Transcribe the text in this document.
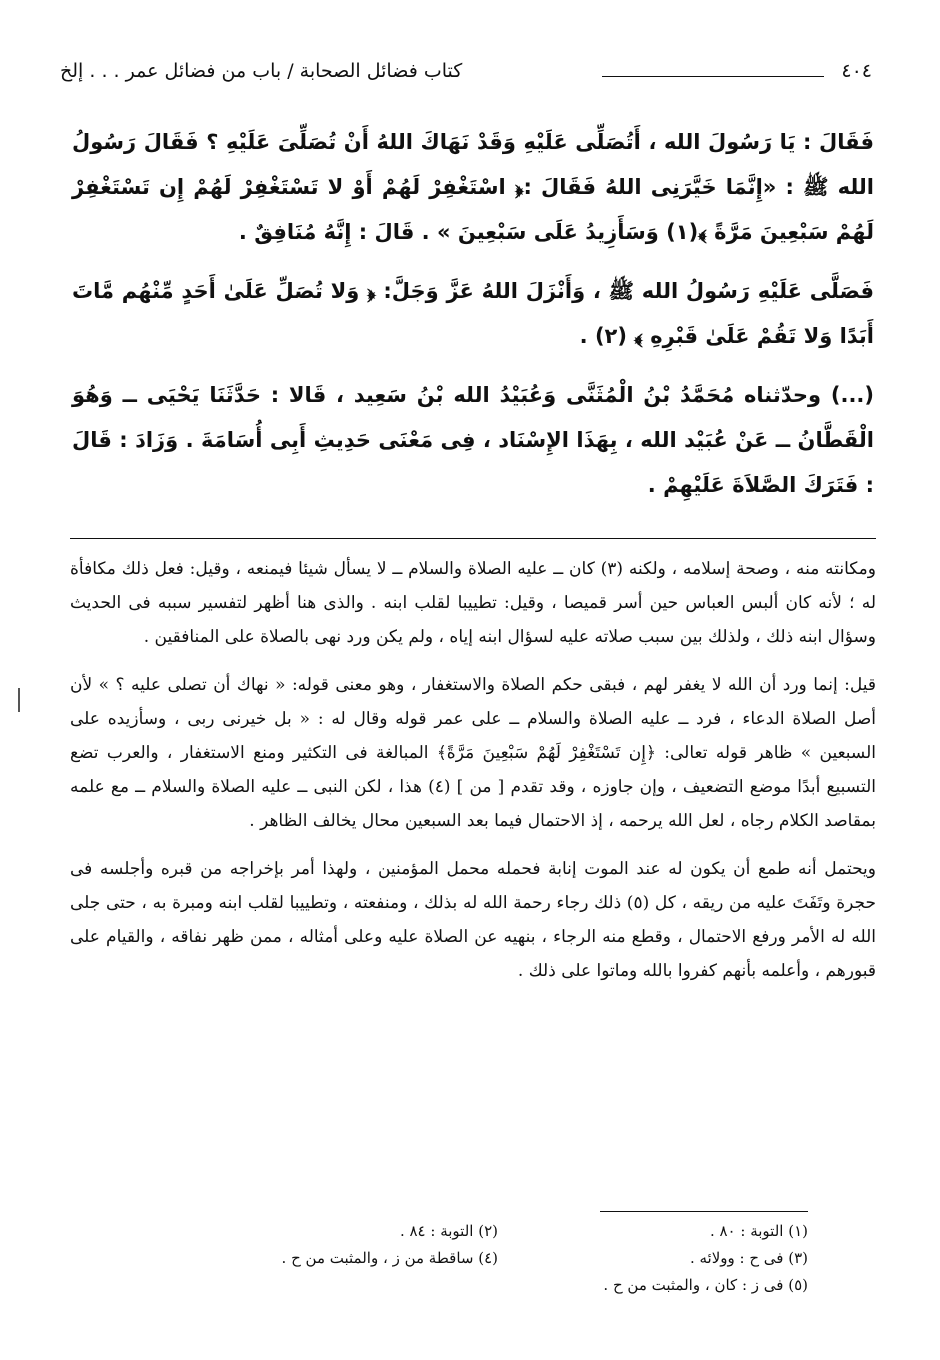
٤٠٤
كتاب فضائل الصحابة / باب من فضائل عمر . . . إلخ

فَقَالَ : يَا رَسُولَ الله ، أَتُصَلِّى عَلَيْهِ وَقَدْ نَهَاكَ اللهُ أَنْ تُصَلِّىَ عَلَيْهِ ؟ فَقَالَ رَسُولُ الله ﷺ : «إِنَّمَا خَيَّرَنِى اللهُ فَقَالَ :﴿ اسْتَغْفِرْ لَهُمْ أَوْ لا تَسْتَغْفِرْ لَهُمْ إِن تَسْتَغْفِرْ لَهُمْ سَبْعِينَ مَرَّةً ﴾(١) وَسَأَزِيدُ عَلَى سَبْعِينَ » . قَالَ : إِنَّهُ مُنَافِقٌ .

فَصَلَّى عَلَيْهِ رَسُولُ الله ﷺ ، وَأَنْزَلَ اللهُ عَزَّ وَجَلَّ: ﴿ وَلا تُصَلِّ عَلَىٰ أَحَدٍ مِّنْهُم مَّاتَ أَبَدًا وَلا تَقُمْ عَلَىٰ قَبْرِهِ ﴾ (٢) .

(...) وحدّثناه مُحَمَّدُ بْنُ الْمُثَنَّى وَعُبَيْدُ الله بْنُ سَعِيد ، قَالا : حَدَّثَنَا يَحْيَى ــ وَهُوَ الْقَطَّانُ ــ عَنْ عُبَيْد الله ، بِهَذَا الإِسْنَاد ، فِى مَعْنَى حَدِيثِ أَبِى أُسَامَةَ . وَزَادَ : قَالَ : فَتَرَكَ الصَّلاَةَ عَلَيْهِمْ .

ومكانته منه ، وصحة إسلامه ، ولكنه (٣) كان ــ عليه الصلاة والسلام ــ لا يسأل شيئا فيمنعه ، وقيل: فعل ذلك مكافأة له ؛ لأنه كان ألبس العباس حين أسر قميصا ، وقيل: تطييبا لقلب ابنه . والذى هنا أظهر لتفسير سببه فى الحديث وسؤال ابنه ذلك ، ولذلك بين سبب صلاته عليه لسؤال ابنه إياه ، ولم يكن ورد نهى بالصلاة على المنافقين .

قيل: إنما ورد أن الله لا يغفر لهم ، فبقى حكم الصلاة والاستغفار ، وهو معنى قوله: « نهاك أن تصلى عليه ؟ » لأن أصل الصلاة الدعاء ، فرد ــ عليه الصلاة والسلام ــ على عمر قوله وقال له : « بل خيرنى ربى ، وسأزيده على السبعين » ظاهر قوله تعالى: ﴿إِن تَسْتَغْفِرْ لَهُمْ سَبْعِينَ مَرَّةً﴾ المبالغة فى التكثير ومنع الاستغفار ، والعرب تضع التسبيع أبدًا موضع التضعيف ، وإن جاوزه ، وقد تقدم [ من ] (٤) هذا ، لكن النبى ــ عليه الصلاة والسلام ــ مع علمه بمقاصد الكلام رجاه ، لعل الله يرحمه ، إذ الاحتمال فيما بعد السبعين محال يخالف الظاهر .

ويحتمل أنه طمع أن يكون له عند الموت إنابة فحمله محمل المؤمنين ، ولهذا أمر بإخراجه من قبره وأجلسه فى حجرة وتَفَتَ عليه من ريقه ، كل (٥) ذلك رجاء رحمة الله له بذلك ، ومنفعته ، وتطييبا لقلب ابنه ومبرة به ، حتى جلى الله له الأمر ورفع الاحتمال ، وقطع منه الرجاء ، بنهيه عن الصلاة عليه وعلى أمثاله ، ممن ظهر نفاقه ، والقيام على قبورهم ، وأعلمه بأنهم كفروا بالله وماتوا على ذلك .

(١) التوبة : ٨٠ .
(٢) التوبة : ٨٤ .
(٣) فى ح : وولائه .
(٤) ساقطة من ز ، والمثبت من ح .
(٥) فى ز : كان ، والمثبت من ح .
